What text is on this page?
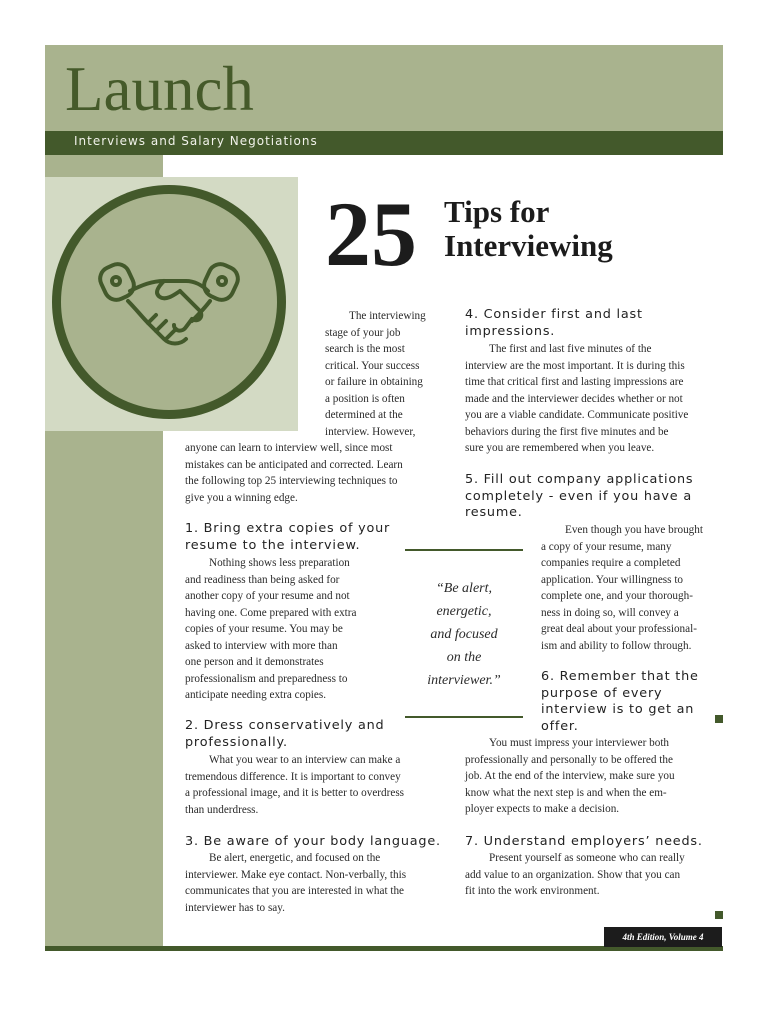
Launch
Interviews and Salary Negotiations
25 Tips for
Interviewing
The interviewing
stage of your job
search is the most
critical. Your success
or failure in obtaining
a position is often
determined at the
interview. However,
anyone can learn to interview well, since most
mistakes can be anticipated and corrected. Learn
the following top 25 interviewing techniques to
give you a winning edge.
1. Bring extra copies of your
resume to the interview.
Nothing shows less preparation
and readiness than being asked for
another copy of your resume and not
having one. Come prepared with extra
copies of your resume. You may be
asked to interview with more than
one person and it demonstrates
professionalism and preparedness to
anticipate needing extra copies.
2. Dress conservatively and
professionally.
What you wear to an interview can make a
tremendous difference. It is important to convey
a professional image, and it is better to overdress
than underdress.
3. Be aware of your body language.
Be alert, energetic, and focused on the
interviewer. Make eye contact. Non-verbally, this
communicates that you are interested in what the
interviewer has to say.
4. Consider first and last
impressions.
The first and last five minutes of the
interview are the most important. It is during this
time that critical first and lasting impressions are
made and the interviewer decides whether or not
you are a viable candidate. Communicate positive
behaviors during the first five minutes and be
sure you are remembered when you leave.
5. Fill out company applications
completely - even if you have a
resume.
Even though you have brought
a copy of your resume, many
companies require a completed
application. Your willingness to
complete one, and your thorough-
ness in doing so, will convey a
great deal about your professional-
ism and ability to follow through.
“Be alert,
energetic,
and focused
on the
interviewer.”	6. Remember that the
purpose of every
interview is to get an
offer.
You must impress your interviewer both
professionally and personally to be offered the
job. At the end of the interview, make sure you
know what the next step is and when the em-
ployer expects to make a decision.
7. Understand employers’ needs.
Present yourself as someone who can really
add value to an organization. Show that you can
fit into the work environment.
4th Edition, Volume 4
